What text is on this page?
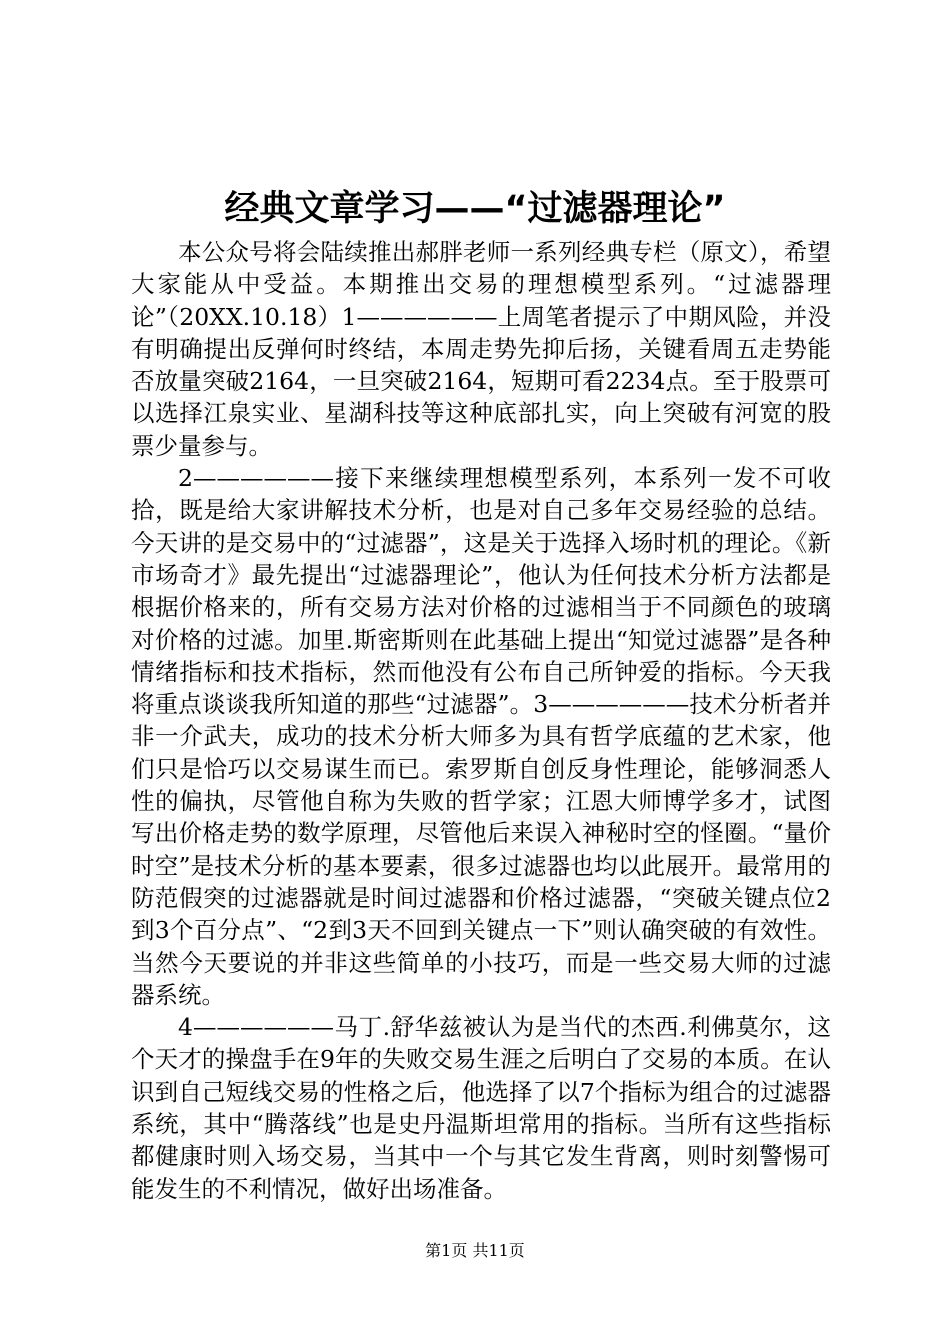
经典文章学习——“过滤器理论”

本公众号将会陆续推出郝胖老师一系列经典专栏（原文），希望大家能从中受益。本期推出交易的理想模型系列。“过滤器理论”（20XX.10.18）1——————上周笔者提示了中期风险，并没有明确提出反弹何时终结，本周走势先抑后扬，关键看周五走势能否放量突破2164，一旦突破2164，短期可看2234点。至于股票可以选择江泉实业、星湖科技等这种底部扎实，向上突破有河宽的股票少量参与。

2——————接下来继续理想模型系列，本系列一发不可收拾，既是给大家讲解技术分析，也是对自己多年交易经验的总结。今天讲的是交易中的“过滤器”，这是关于选择入场时机的理论。《新市场奇才》最先提出“过滤器理论”，他认为任何技术分析方法都是根据价格来的，所有交易方法对价格的过滤相当于不同颜色的玻璃对价格的过滤。加里.斯密斯则在此基础上提出“知觉过滤器”是各种情绪指标和技术指标，然而他没有公布自己所钟爱的指标。今天我将重点谈谈我所知道的那些“过滤器”。3——————技术分析者并非一介武夫，成功的技术分析大师多为具有哲学底蕴的艺术家，他们只是恰巧以交易谋生而已。索罗斯自创反身性理论，能够洞悉人性的偏执，尽管他自称为失败的哲学家；江恩大师博学多才，试图写出价格走势的数学原理，尽管他后来误入神秘时空的怪圈。“量价时空”是技术分析的基本要素，很多过滤器也均以此展开。最常用的防范假突的过滤器就是时间过滤器和价格过滤器，“突破关键点位2到3个百分点”、“2到3天不回到关键点一下”则认确突破的有效性。当然今天要说的并非这些简单的小技巧，而是一些交易大师的过滤器系统。

4——————马丁.舒华兹被认为是当代的杰西.利佛莫尔，这个天才的操盘手在9年的失败交易生涯之后明白了交易的本质。在认识到自己短线交易的性格之后，他选择了以7个指标为组合的过滤器系统，其中“腾落线”也是史丹温斯坦常用的指标。当所有这些指标都健康时则入场交易，当其中一个与其它发生背离，则时刻警惕可能发生的不利情况，做好出场准备。

第1页 共11页
